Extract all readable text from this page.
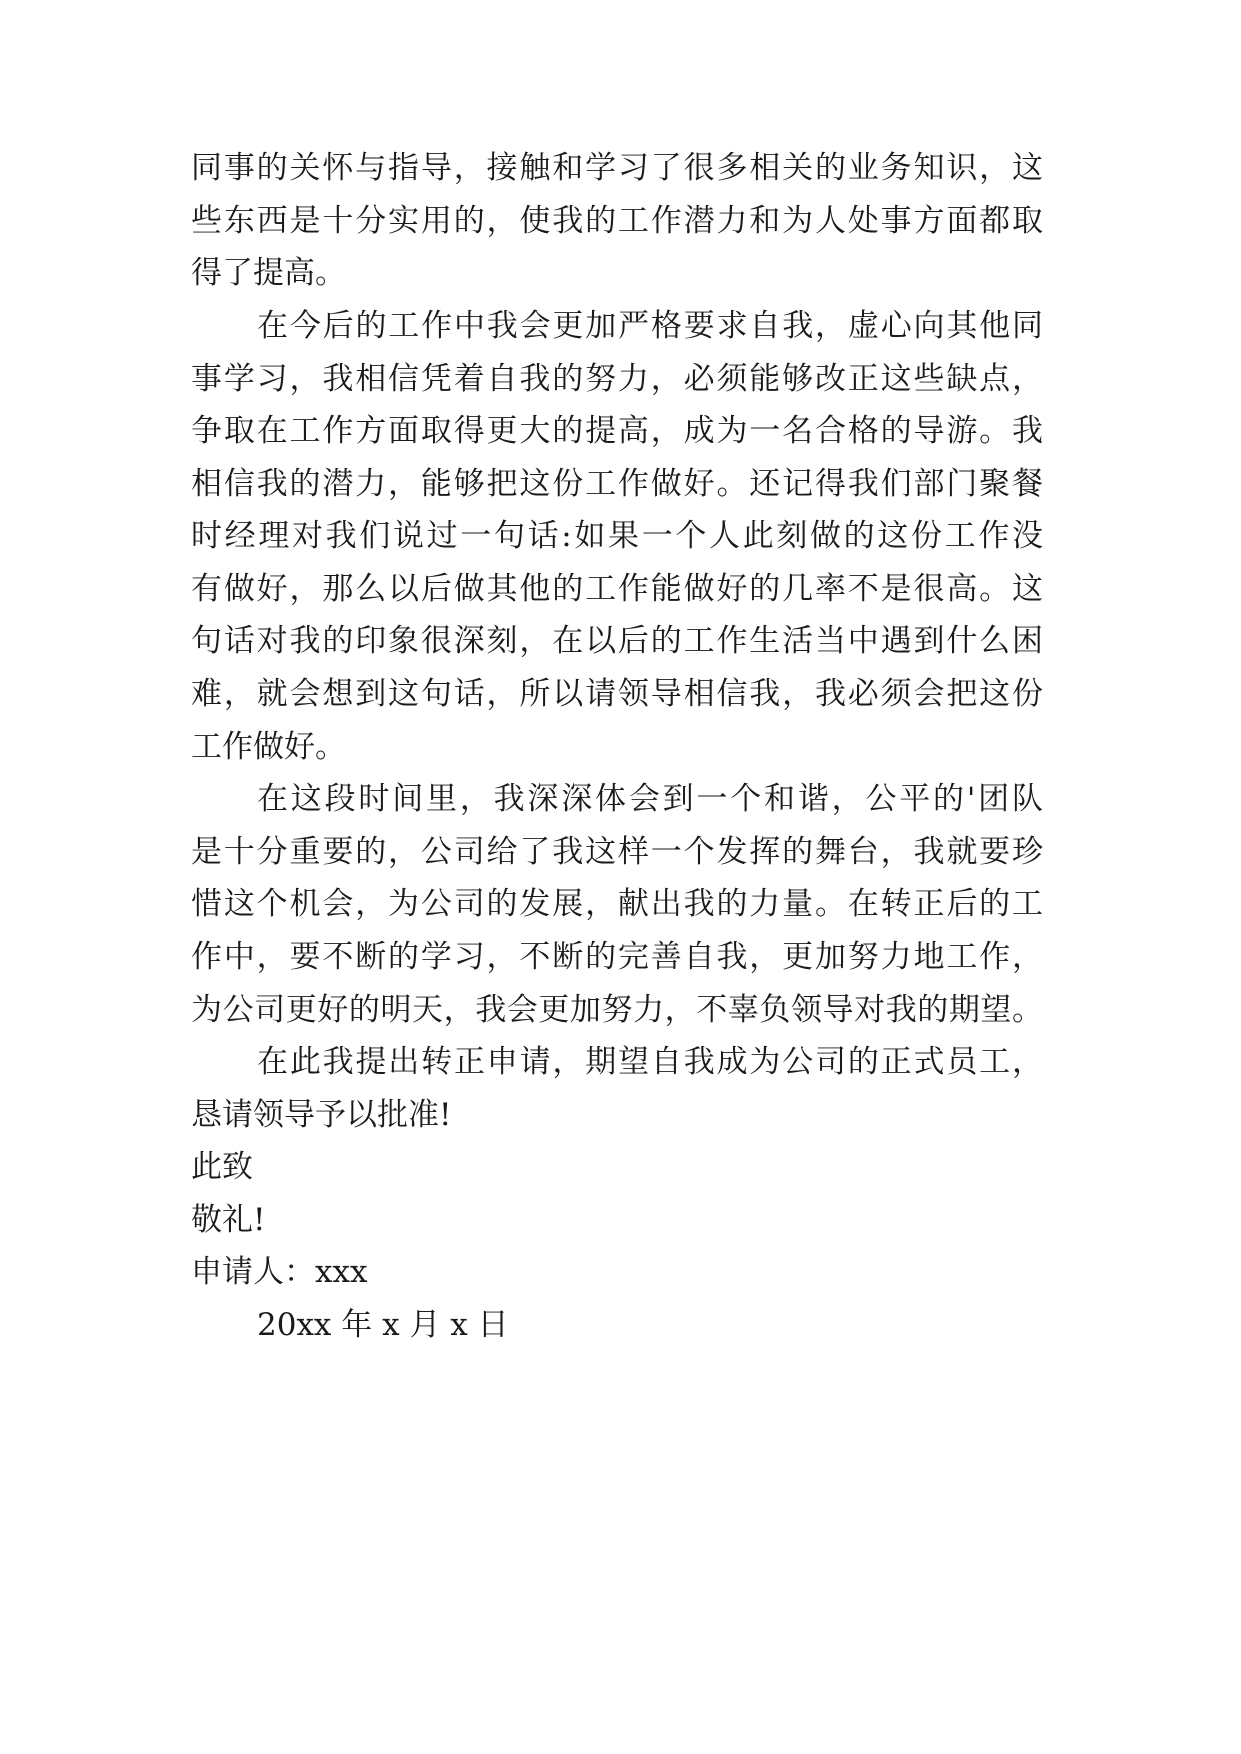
同事的关怀与指导，接触和学习了很多相关的业务知识，这
些东西是十分实用的，使我的工作潜力和为人处事方面都取
得了提高。
在今后的工作中我会更加严格要求自我，虚心向其他同
事学习，我相信凭着自我的努力，必须能够改正这些缺点，
争取在工作方面取得更大的提高，成为一名合格的导游。我
相信我的潜力，能够把这份工作做好。还记得我们部门聚餐
时经理对我们说过一句话:如果一个人此刻做的这份工作没
有做好，那么以后做其他的工作能做好的几率不是很高。这
句话对我的印象很深刻，在以后的工作生活当中遇到什么困
难，就会想到这句话，所以请领导相信我，我必须会把这份
工作做好。
在这段时间里，我深深体会到一个和谐，公平的'团队
是十分重要的，公司给了我这样一个发挥的舞台，我就要珍
惜这个机会，为公司的发展，献出我的力量。在转正后的工
作中，要不断的学习，不断的完善自我，更加努力地工作，
为公司更好的明天，我会更加努力，不辜负领导对我的期望。
在此我提出转正申请，期望自我成为公司的正式员工，
恳请领导予以批准!
此致
敬礼!
申请人：xxx
20xx 年 x 月 x 日
